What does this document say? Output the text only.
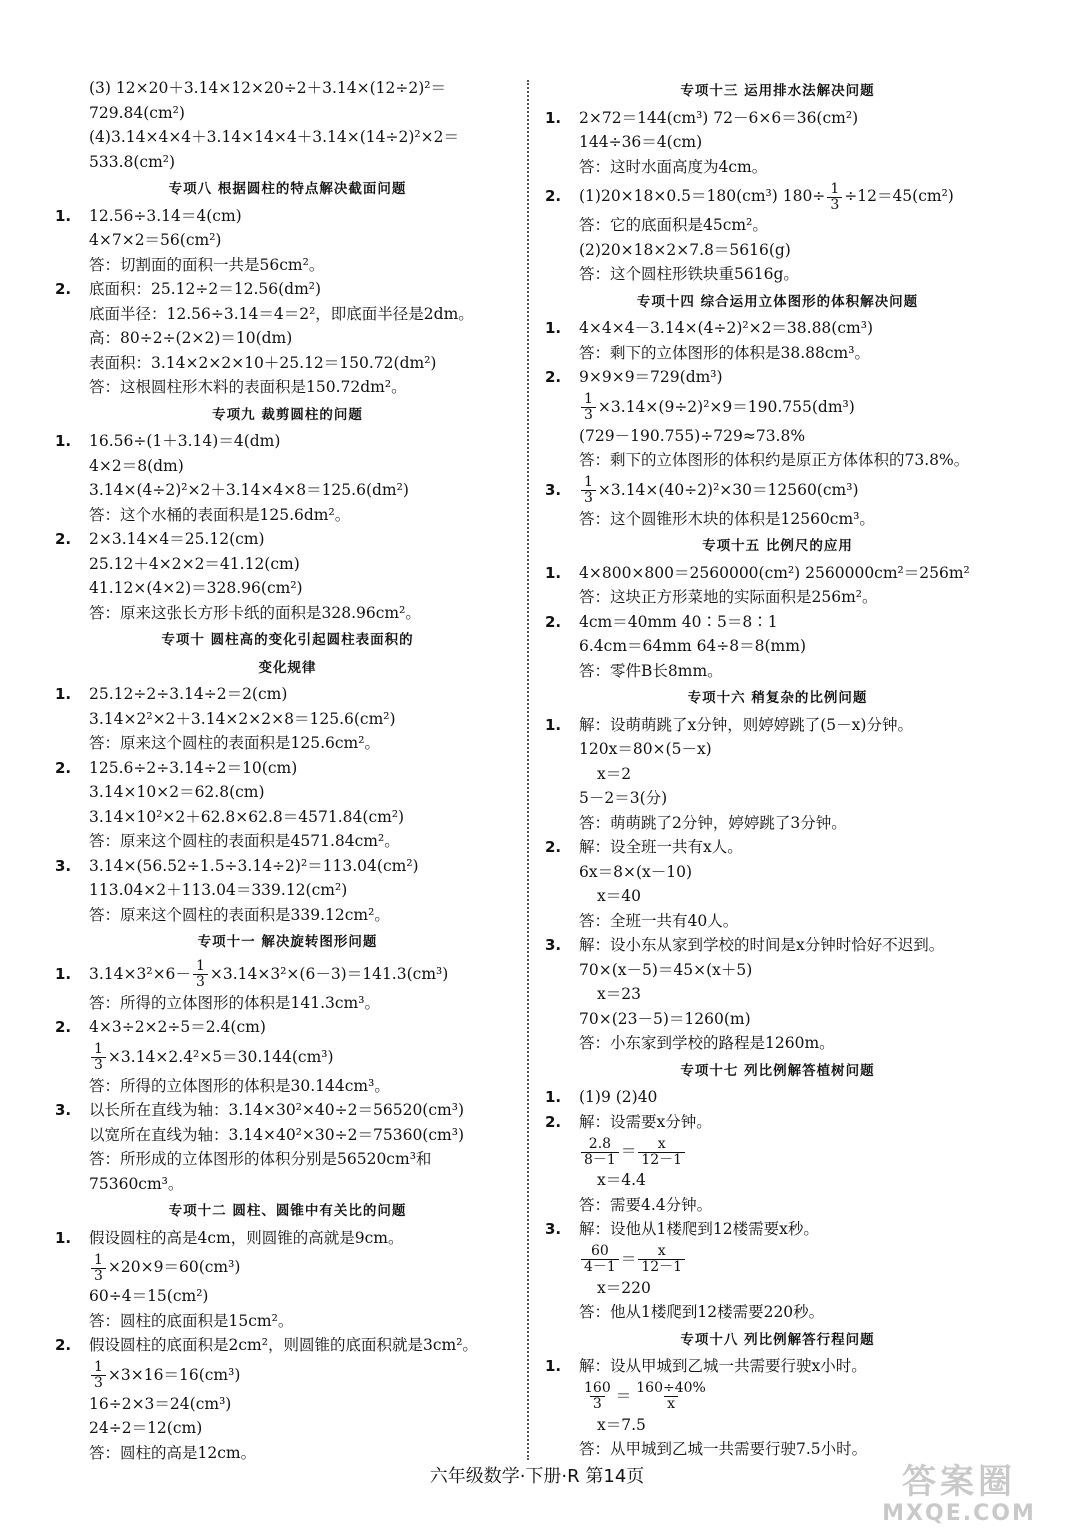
(3) 12×20＋3.14×12×20÷2＋3.14×(12÷2)²＝
729.84(cm²)
(4)3.14×4×4＋3.14×14×4＋3.14×(14÷2)²×2＝
533.8(cm²)
专项八 根据圆柱的特点解决截面问题
1. 12.56÷3.14＝4(cm)
4×7×2＝56(cm²)
答：切割面的面积一共是56cm²。
2. 底面积：25.12÷2＝12.56(dm²)
底面半径：12.56÷3.14＝4＝2²，即底面半径是2dm。
高：80÷2÷(2×2)＝10(dm)
表面积：3.14×2×2×10＋25.12＝150.72(dm²)
答：这根圆柱形木料的表面积是150.72dm²。
专项九 裁剪圆柱的问题
1. 16.56÷(1＋3.14)＝4(dm)
4×2＝8(dm)
3.14×(4÷2)²×2＋3.14×4×8＝125.6(dm²)
答：这个水桶的表面积是125.6dm²。
2. 2×3.14×4＝25.12(cm)
25.12＋4×2×2＝41.12(cm)
41.12×(4×2)＝328.96(cm²)
答：原来这张长方形卡纸的面积是328.96cm²。
专项十 圆柱高的变化引起圆柱表面积的
变化规律
1. 25.12÷2÷3.14÷2＝2(cm)
3.14×2²×2＋3.14×2×2×8＝125.6(cm²)
答：原来这个圆柱的表面积是125.6cm²。
2. 125.6÷2÷3.14÷2＝10(cm)
3.14×10×2＝62.8(cm)
3.14×10²×2＋62.8×62.8＝4571.84(cm²)
答：原来这个圆柱的表面积是4571.84cm²。
3. 3.14×(56.52÷1.5÷3.14÷2)²＝113.04(cm²)
113.04×2＋113.04＝339.12(cm²)
答：原来这个圆柱的表面积是339.12cm²。
专项十一 解决旋转图形问题
1. $3.14\times 3^2\times 6- \frac{1}{3} \times 3.14\times 3^2\times(6-3)=141.3(cm^3)$
答：所得的立体图形的体积是141.3cm³。
2. 4×3÷2×2÷5＝2.4(cm)
$\frac{1}{3} \times 3.14\times 2.4^2\times 5=30.144(cm^3)$
答：所得的立体图形的体积是30.144cm³。
3. 以长所在直线为轴：3.14×30²×40÷2＝56520(cm³)
以宽所在直线为轴：3.14×40²×30÷2＝75360(cm³)
答：所形成的立体图形的体积分别是56520cm³和
75360cm³。
专项十二 圆柱、圆锥中有关比的问题
1. 假设圆柱的高是4cm，则圆锥的高就是9cm。
$\frac{1}{3} \times 20\times 9=60(cm^3)$
60÷4＝15(cm²)
答：圆柱的底面积是15cm²。
2. 假设圆柱的底面积是2cm²，则圆锥的底面积就是3cm²。
$\frac{1}{3} \times 3\times 16=16(cm^3)$
16÷2×3＝24(cm³)
24÷2＝12(cm)
答：圆柱的高是12cm。
专项十三 运用排水法解决问题
1. 2×72＝144(cm³) 72－6×6＝36(cm²)
144÷36＝4(cm)
答：这时水面高度为4cm。
2. (1)20×18×0.5＝180(cm³) $180\div \frac{1}{3} \div 12=45(cm^2)$
答：它的底面积是45cm²。
(2)20×18×2×7.8＝5616(g)
答：这个圆柱形铁块重5616g。
专项十四 综合运用立体图形的体积解决问题
1. 4×4×4－3.14×(4÷2)²×2＝38.88(cm³)
答：剩下的立体图形的体积是38.88cm³。
2. 9×9×9＝729(dm³)
$\frac{1}{3} \times 3.14\times(9\div 2)^2\times 9=190.755(dm^3)$
(729－190.755)÷729≈73.8%
答：剩下的立体图形的体积约是原正方体体积的73.8%。
3. $\frac{1}{3} \times 3.14\times(40\div 2)^2\times 30=12560(cm^3)$
答：这个圆锥形木块的体积是12560cm³。
专项十五 比例尺的应用
1. 4×800×800＝2560000(cm²) 2560000cm²＝256m²
答：这块正方形菜地的实际面积是256m²。
2. 4cm＝40mm 40∶5＝8∶1
6.4cm＝64mm 64÷8＝8(mm)
答：零件B长8mm。
专项十六 稍复杂的比例问题
1. 解：设萌萌跳了x分钟，则婷婷跳了(5－x)分钟。
120x＝80×(5－x)
x＝2
5－2＝3(分)
答：萌萌跳了2分钟，婷婷跳了3分钟。
2. 解：设全班一共有x人。
6x＝8×(x－10)
x＝40
答：全班一共有40人。
3. 解：设小东从家到学校的时间是x分钟时恰好不迟到。
70×(x－5)＝45×(x＋5)
x＝23
70×(23－5)＝1260(m)
答：小东家到学校的路程是1260m。
专项十七 列比例解答植树问题
1. (1)9 (2)40
2. 解：设需要x分钟。
$\frac{2.8}{8-1} = \frac{x}{12-1}$
x＝4.4
答：需要4.4分钟。
3. 解：设他从1楼爬到12楼需要x秒。
$\frac{60}{4-1} = \frac{x}{12-1}$
x＝220
答：他从1楼爬到12楼需要220秒。
专项十八 列比例解答行程问题
1. 解：设从甲城到乙城一共需要行驶x小时。
$\frac{160}{3} = \frac{160\div 40\%}{x}$
x＝7.5
答：从甲城到乙城一共需要行驶7.5小时。
六年级数学·下册·R 第14页	答案圈
MXQE.COM
